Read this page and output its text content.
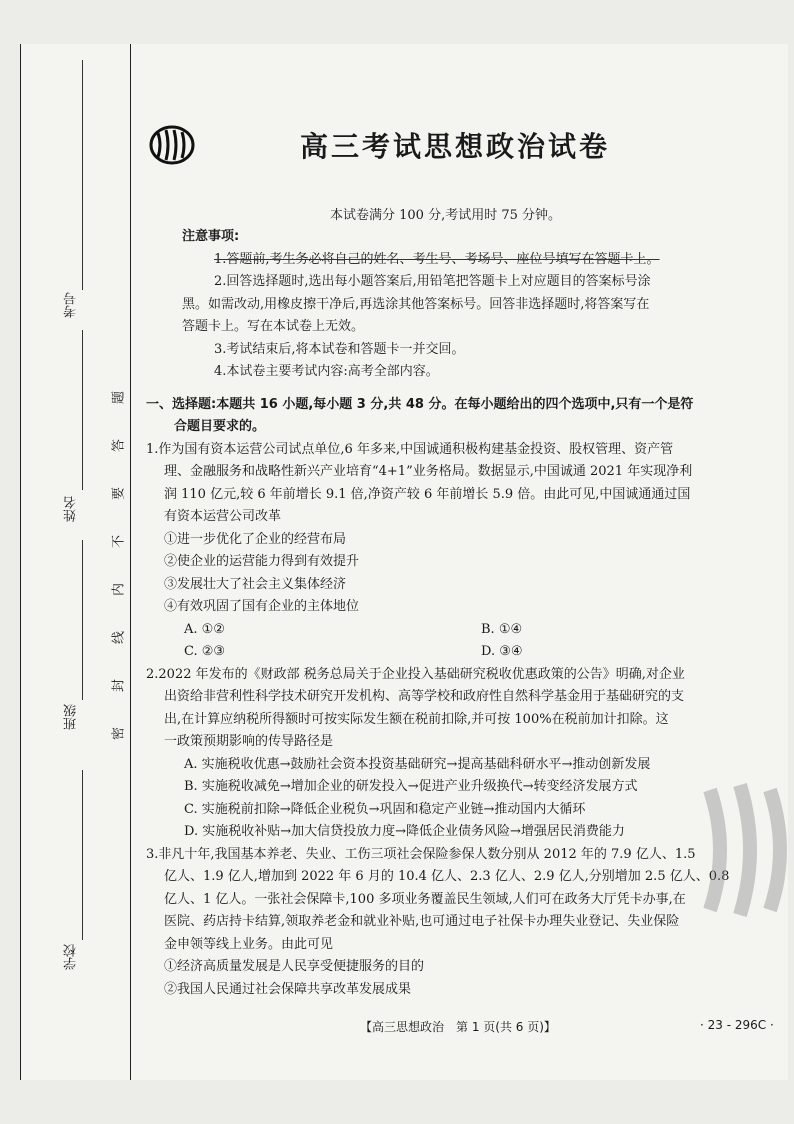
考号
姓名
班级
学校
题
答
要
不
内
线
封
密
高三考试思想政治试卷
本试卷满分 100 分,考试用时 75 分钟。
注意事项:
1.答题前,考生务必将自己的姓名、考生号、考场号、座位号填写在答题卡上。
2.回答选择题时,选出每小题答案后,用铅笔把答题卡上对应题目的答案标号涂
黑。如需改动,用橡皮擦干净后,再选涂其他答案标号。回答非选择题时,将答案写在
答题卡上。写在本试卷上无效。
3.考试结束后,将本试卷和答题卡一并交回。
4.本试卷主要考试内容:高考全部内容。
一、选择题:本题共 16 小题,每小题 3 分,共 48 分。在每小题给出的四个选项中,只有一个是符
合题目要求的。
1.作为国有资本运营公司试点单位,6 年多来,中国诚通积极构建基金投资、股权管理、资产管
理、金融服务和战略性新兴产业培育“4+1”业务格局。数据显示,中国诚通 2021 年实现净利
润 110 亿元,较 6 年前增长 9.1 倍,净资产较 6 年前增长 5.9 倍。由此可见,中国诚通通过国
有资本运营公司改革
①进一步优化了企业的经营布局
②使企业的运营能力得到有效提升
③发展壮大了社会主义集体经济
④有效巩固了国有企业的主体地位
A. ①②	B. ①④
C. ②③	D. ③④
2.2022 年发布的《财政部 税务总局关于企业投入基础研究税收优惠政策的公告》明确,对企业
出资给非营利性科学技术研究开发机构、高等学校和政府性自然科学基金用于基础研究的支
出,在计算应纳税所得额时可按实际发生额在税前扣除,并可按 100%在税前加计扣除。这
一政策预期影响的传导路径是
A. 实施税收优惠→鼓励社会资本投资基础研究→提高基础科研水平→推动创新发展
B. 实施税收减免→增加企业的研发投入→促进产业升级换代→转变经济发展方式
C. 实施税前扣除→降低企业税负→巩固和稳定产业链→推动国内大循环
D. 实施税收补贴→加大信贷投放力度→降低企业债务风险→增强居民消费能力
3.非凡十年,我国基本养老、失业、工伤三项社会保险参保人数分别从 2012 年的 7.9 亿人、1.5
亿人、1.9 亿人,增加到 2022 年 6 月的 10.4 亿人、2.3 亿人、2.9 亿人,分别增加 2.5 亿人、0.8
亿人、1 亿人。一张社会保障卡,100 多项业务覆盖民生领域,人们可在政务大厅凭卡办事,在
医院、药店持卡结算,领取养老金和就业补贴,也可通过电子社保卡办理失业登记、失业保险
金申领等线上业务。由此可见
①经济高质量发展是人民享受便捷服务的目的
②我国人民通过社会保障共享改革发展成果
【高三思想政治　第 1 页(共 6 页)】	· 23 - 296C ·
